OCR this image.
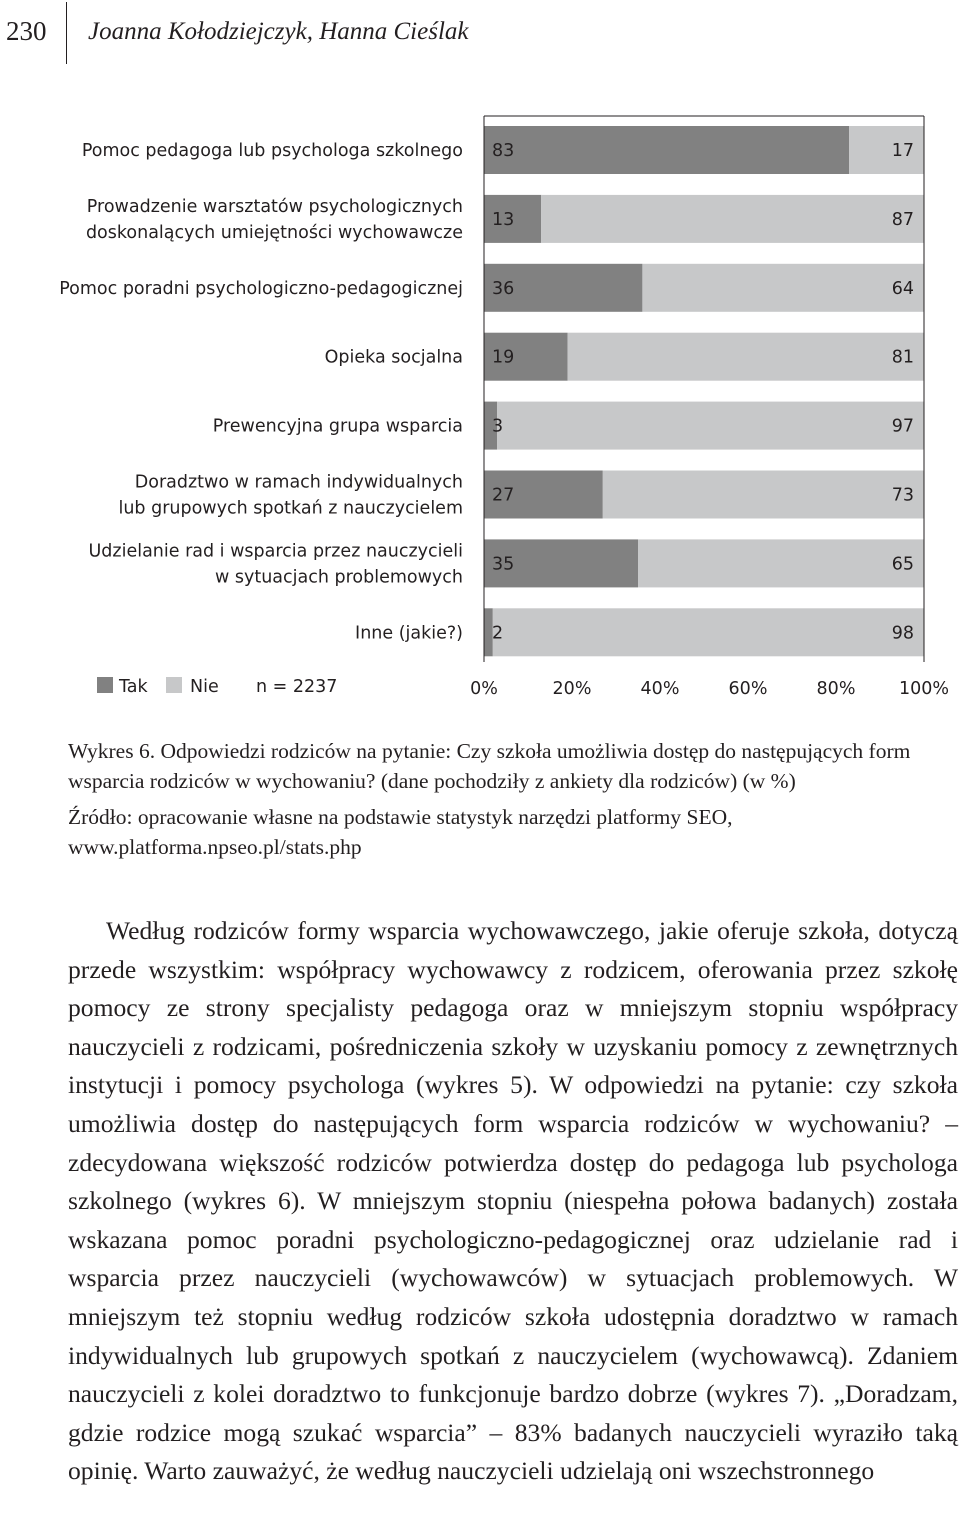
230 Joanna Kołodziejczyk, Hanna Cieślak
83	17
Pomoc pedagoga lub psychologa szkolnego
13	87
Prowadzenie warsztatów psychologicznych
doskonalących umiejętności wychowawcze
36	64
Pomoc poradni psychologiczno-pedagogicznej
19	81
Opieka socjalna
3	97
Prewencyjna grupa wsparcia
27	73
Doradztwo w ramach indywidualnych
lub grupowych spotkań z nauczycielem
35	65
Udzielanie rad i wsparcia przez nauczycieli
w sytuacjach problemowych
2	98
Inne (jakie?)
0%	20%	40%	60%	80% 100%
Tak Nie n = 2237
Wykres 6. Odpowiedzi rodziców na pytanie: Czy szkoła umożliwia dostęp do następujących form wsparcia rodziców w wychowaniu? (dane pochodziły z ankiety dla rodziców) (w %)
Źródło: opracowanie własne na podstawie statystyk narzędzi platformy SEO, www.platforma.npseo.pl/stats.php

Według rodziców formy wsparcia wychowawczego, jakie oferuje szkoła, dotyczą przede wszystkim: współpracy wychowawcy z rodzicem, oferowania przez szkołę pomocy ze strony specjalisty pedagoga oraz w mniejszym stopniu współpracy nauczycieli z rodzicami, pośredniczenia szkoły w uzyskaniu pomocy z zewnętrznych instytucji i pomocy psychologa (wykres 5). W odpowiedzi na pytanie: czy szkoła umożliwia dostęp do następujących form wsparcia rodziców w wychowaniu? – zdecydowana większość rodziców potwierdza dostęp do pedagoga lub psychologa szkolnego (wykres 6). W mniejszym stopniu (niespełna połowa badanych) została wskazana pomoc poradni psychologiczno-pedagogicznej oraz udzielanie rad i wsparcia przez nauczycieli (wychowawców) w sytuacjach problemowych. W mniejszym też stopniu według rodziców szkoła udostępnia doradztwo w ramach indywidualnych lub grupowych spotkań z nauczycielem (wychowawcą). Zdaniem nauczycieli z kolei doradztwo to funkcjonuje bardzo dobrze (wykres 7). „Doradzam, gdzie rodzice mogą szukać wsparcia” – 83% badanych nauczycieli wyraziło taką opinię. Warto zauważyć, że według nauczycieli udzielają oni wszechstronnego
